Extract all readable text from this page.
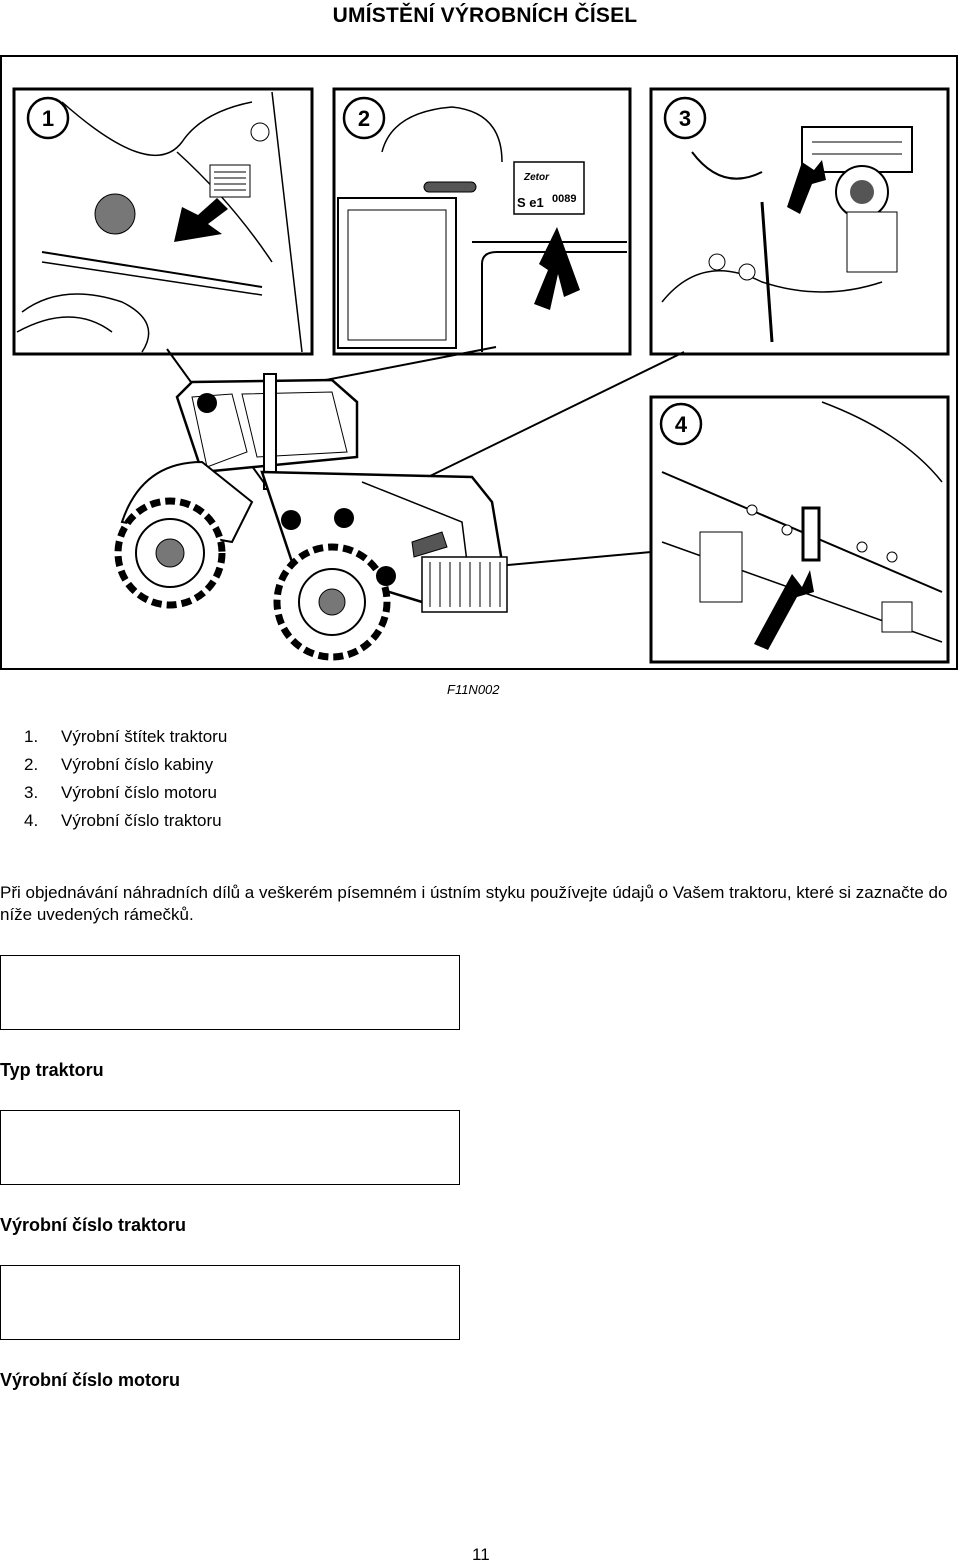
UMÍSTĚNÍ VÝROBNÍCH ČÍSEL
1
Zetor
S e1 0089
2	3
4
F11N002
1.	Výrobní štítek traktoru
2.	Výrobní číslo kabiny
3.	Výrobní číslo motoru
4.	Výrobní číslo traktoru
Při objednávání náhradních dílů a veškerém písemném i ústním styku používejte údajů o Vašem traktoru, které si zaznačte do níže uvedených rámečků.
Typ traktoru
Výrobní číslo traktoru
Výrobní číslo motoru
11
